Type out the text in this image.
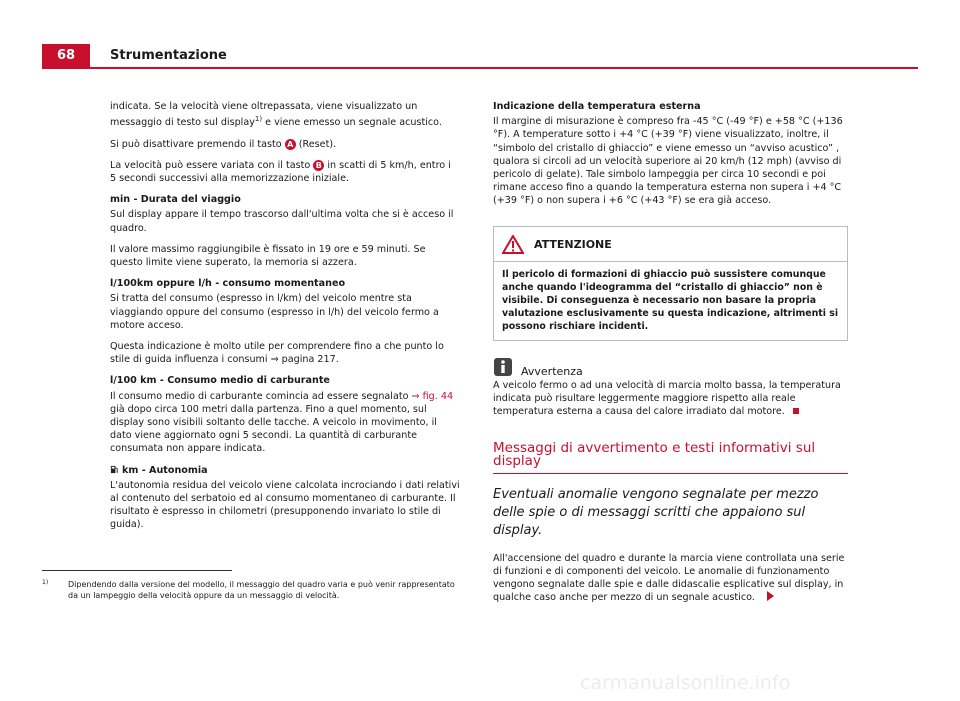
68	Strumentazione

indicata. Se la velocità viene oltrepassata, viene visualizzato un messaggio di testo sul display$^{1)}$ e viene emesso un segnale acustico.

Si può disattivare premendo il tasto A (Reset).

La velocità può essere variata con il tasto B in scatti di 5 km/h, entro i 5 secondi successivi alla memorizzazione iniziale.

min - Durata del viaggio

Sul display appare il tempo trascorso dall'ultima volta che si è acceso il quadro.

Il valore massimo raggiungibile è fissato in 19 ore e 59 minuti. Se questo limite viene superato, la memoria si azzera.

l/100km oppure l/h - consumo momentaneo

Si tratta del consumo (espresso in l/km) del veicolo mentre sta viaggiando oppure del consumo (espresso in l/h) del veicolo fermo a motore acceso.

Questa indicazione è molto utile per comprendere fino a che punto lo stile di guida influenza i consumi ⇒ pagina 217.

l/100 km - Consumo medio di carburante

Il consumo medio di carburante comincia ad essere segnalato ⇒ fig. 44 già dopo circa 100 metri dalla partenza. Fino a quel momento, sul display sono visibili soltanto delle tacche. A veicolo in movimento, il dato viene aggiornato ogni 5 secondi. La quantità di carburante consumata non appare indicata.

km - Autonomia

L'autonomia residua del veicolo viene calcolata incrociando i dati relativi al contenuto del serbatoio ed al consumo momentaneo di carburante. Il risultato è espresso in chilometri (presupponendo invariato lo stile di guida).

Indicazione della temperatura esterna

Il margine di misurazione è compreso fra -45 °C (-49 °F) e +58 °C (+136 °F). A temperature sotto i +4 °C (+39 °F) viene visualizzato, inoltre, il “simbolo del cristallo di ghiaccio” e viene emesso un “avviso acustico” , qualora si circoli ad un velocità superiore ai 20 km/h (12 mph) (avviso di pericolo di gelate). Tale simbolo lampeggia per circa 10 secondi e poi rimane acceso fino a quando la temperatura esterna non supera i +4 °C (+39 °F) o non supera i +6 °C (+43 °F) se era già acceso.

ATTENZIONE
Il pericolo di formazioni di ghiaccio può sussistere comunque anche quando l'ideogramma del “cristallo di ghiaccio” non è visibile. Di conseguenza è necessario non basare la propria valutazione esclusivamente su questa indicazione, altrimenti si possono rischiare incidenti.
Avvertenza

A veicolo fermo o ad una velocità di marcia molto bassa, la temperatura indicata può risultare leggermente maggiore rispetto alla reale temperatura esterna a causa del calore irradiato dal motore.

Messaggi di avvertimento e testi informativi sul display
Eventuali anomalie vengono segnalate per mezzo delle spie o di messaggi scritti che appaiono sul display.

All'accensione del quadro e durante la marcia viene controllata una serie di funzioni e di componenti del veicolo. Le anomalie di funzionamento vengono segnalate dalle spie e dalle didascalie esplicative sul display, in qualche caso anche per mezzo di un segnale acustico.

1) Dipendendo dalla versione del modello, il messaggio del quadro varia e può venir rappresentato da un lampeggio della velocità oppure da un messaggio di velocità.
carmanualsonline.info
